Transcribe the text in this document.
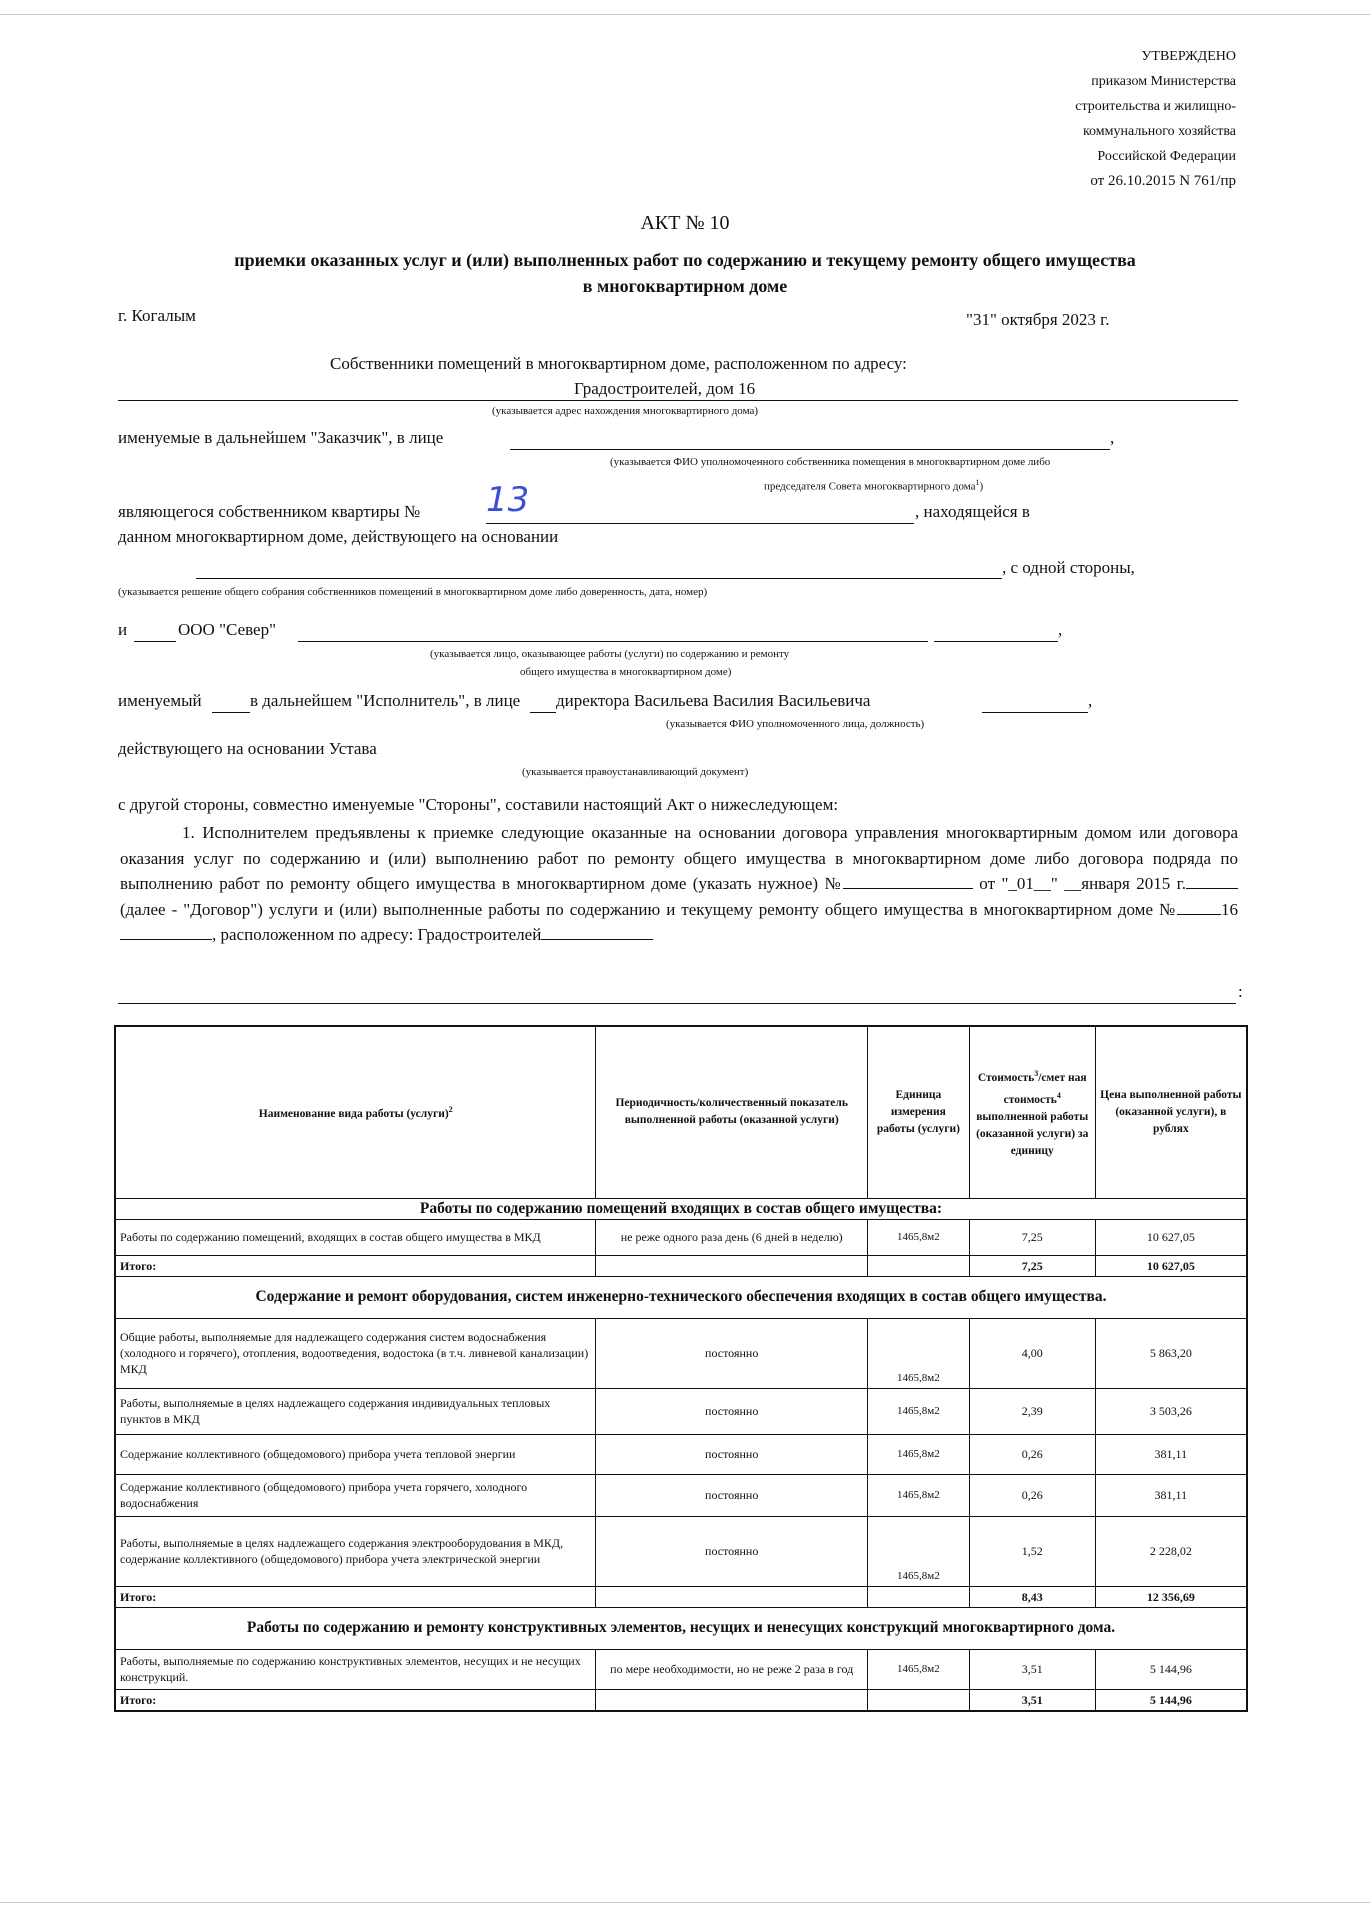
УТВЕРЖДЕНО
приказом Министерства
строительства и жилищно-
коммунального хозяйства
Российской Федерации
от 26.10.2015 N 761/пр
АКТ № 10
приемки оказанных услуг и (или) выполненных работ по содержанию и текущему ремонту общего имущества
в многоквартирном доме
г. Когалым	"31" октября 2023 г.
Собственники помещений в многоквартирном доме, расположенном по адресу:
Градостроителей, дом 16
(указывается адрес нахождения многоквартирного дома)
именуемые в дальнейшем "Заказчик", в лице	,
(указывается ФИО уполномоченного собственника помещения в многоквартирном доме либо
председателя Совета многоквартирного дома$^1$)
являющегося собственником квартиры № 13	, находящейся в
данном многоквартирном доме, действующего на основании
, с одной стороны,
(указывается решение общего собрания собственников помещений в многоквартирном доме либо доверенность, дата, номер)
и	ООО "Север"	,
(указывается лицо, оказывающее работы (услуги) по содержанию и ремонту
общего имущества в многоквартирном доме)
именуемый	в дальнейшем "Исполнитель", в лице директора Васильева Василия Васильевича	,
(указывается ФИО уполномоченного лица, должность)
действующего на основании Устава
(указывается правоустанавливающий документ)
с другой стороны, совместно именуемые "Стороны", составили настоящий Акт о нижеследующем:
1. Исполнителем предъявлены к приемке следующие оказанные на основании договора управления многоквартирным домом или договора оказания услуг по содержанию и (или) выполнению работ по ремонту общего имущества в многоквартирном доме либо договора подряда по выполнению работ по ремонту общего имущества в многоквартирном доме (указать нужное) №	от "_01__" __января 2015 г. (далее - "Договор") услуги и (или) выполненные работы по содержанию и текущему ремонту общего имущества в многоквартирном доме №	16, расположенном по адресу: Градостроителей
:
Наименование вида работы (услуги)$^2$	Периодичность/количественный показатель выполненной работы (оказанной услуги)	Единица измерения работы (услуги)	Стоимость$^3$/смет ная стоимость$^4$ выполненной работы (оказанной услуги) за единицу	Цена выполненной работы (оказанной услуги), в рублях
Работы по содержанию помещений входящих в состав общего имущества:				
Работы по содержанию помещений, входящих в состав общего имущества в МКД	не реже одного раза день (6 дней в неделю)	1465,8м2	7,25	10 627,05
Итого:			7,25	10 627,05
Содержание и ремонт оборудования, систем инженерно-технического обеспечения входящих в состав общего имущества.				
Общие работы, выполняемые для надлежащего содержания систем водоснабжения (холодного и горячего), отопления, водоотведения, водостока (в т.ч. ливневой канализации) МКД	постоянно	1465,8м2	4,00	5 863,20
Работы, выполняемые в целях надлежащего содержания индивидуальных тепловых пунктов в МКД	постоянно	1465,8м2	2,39	3 503,26
Содержание коллективного (общедомового) прибора учета тепловой энергии	постоянно	1465,8м2	0,26	381,11
Содержание коллективного (общедомового) прибора учета горячего, холодного водоснабжения	постоянно	1465,8м2	0,26	381,11
Работы, выполняемые в целях надлежащего содержания электрооборудования в МКД, содержание коллективного (общедомового) прибора учета электрической энергии	постоянно	1465,8м2	1,52	2 228,02
Итого:			8,43	12 356,69
Работы по содержанию и ремонту конструктивных элементов, несущих и ненесущих конструкций многоквартирного дома.				
Работы, выполняемые по содержанию конструктивных элементов, несущих и не несущих конструкций.	по мере необходимости, но не реже 2 раза в год	1465,8м2	3,51	5 144,96
Итого:			3,51	5 144,96
